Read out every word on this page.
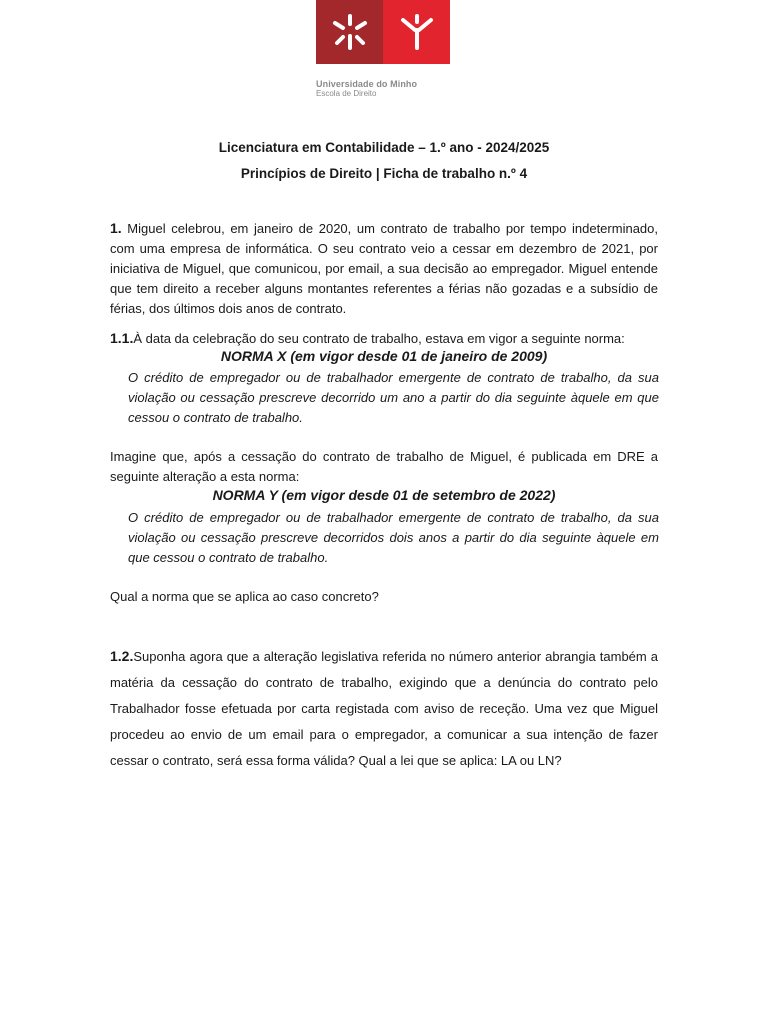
Universidade do Minho
Escola de Direito
Licenciatura em Contabilidade – 1.º ano - 2024/2025
Princípios de Direito | Ficha de trabalho n.º 4
1. Miguel celebrou, em janeiro de 2020, um contrato de trabalho por tempo indeterminado, com uma empresa de informática. O seu contrato veio a cessar em dezembro de 2021, por iniciativa de Miguel, que comunicou, por email, a sua decisão ao empregador. Miguel entende que tem direito a receber alguns montantes referentes a férias não gozadas e a subsídio de férias, dos últimos dois anos de contrato.
1.1.À data da celebração do seu contrato de trabalho, estava em vigor a seguinte norma:
NORMA X (em vigor desde 01 de janeiro de 2009)
O crédito de empregador ou de trabalhador emergente de contrato de trabalho, da sua violação ou cessação prescreve decorrido um ano a partir do dia seguinte àquele em que cessou o contrato de trabalho.
Imagine que, após a cessação do contrato de trabalho de Miguel, é publicada em DRE a seguinte alteração a esta norma:
NORMA Y (em vigor desde 01 de setembro de 2022)
O crédito de empregador ou de trabalhador emergente de contrato de trabalho, da sua violação ou cessação prescreve decorridos dois anos a partir do dia seguinte àquele em que cessou o contrato de trabalho.
Qual a norma que se aplica ao caso concreto?
1.2.Suponha agora que a alteração legislativa referida no número anterior abrangia também a matéria da cessação do contrato de trabalho, exigindo que a denúncia do contrato pelo Trabalhador fosse efetuada por carta registada com aviso de receção. Uma vez que Miguel procedeu ao envio de um email para o empregador, a comunicar a sua intenção de fazer cessar o contrato, será essa forma válida? Qual a lei que se aplica: LA ou LN?
